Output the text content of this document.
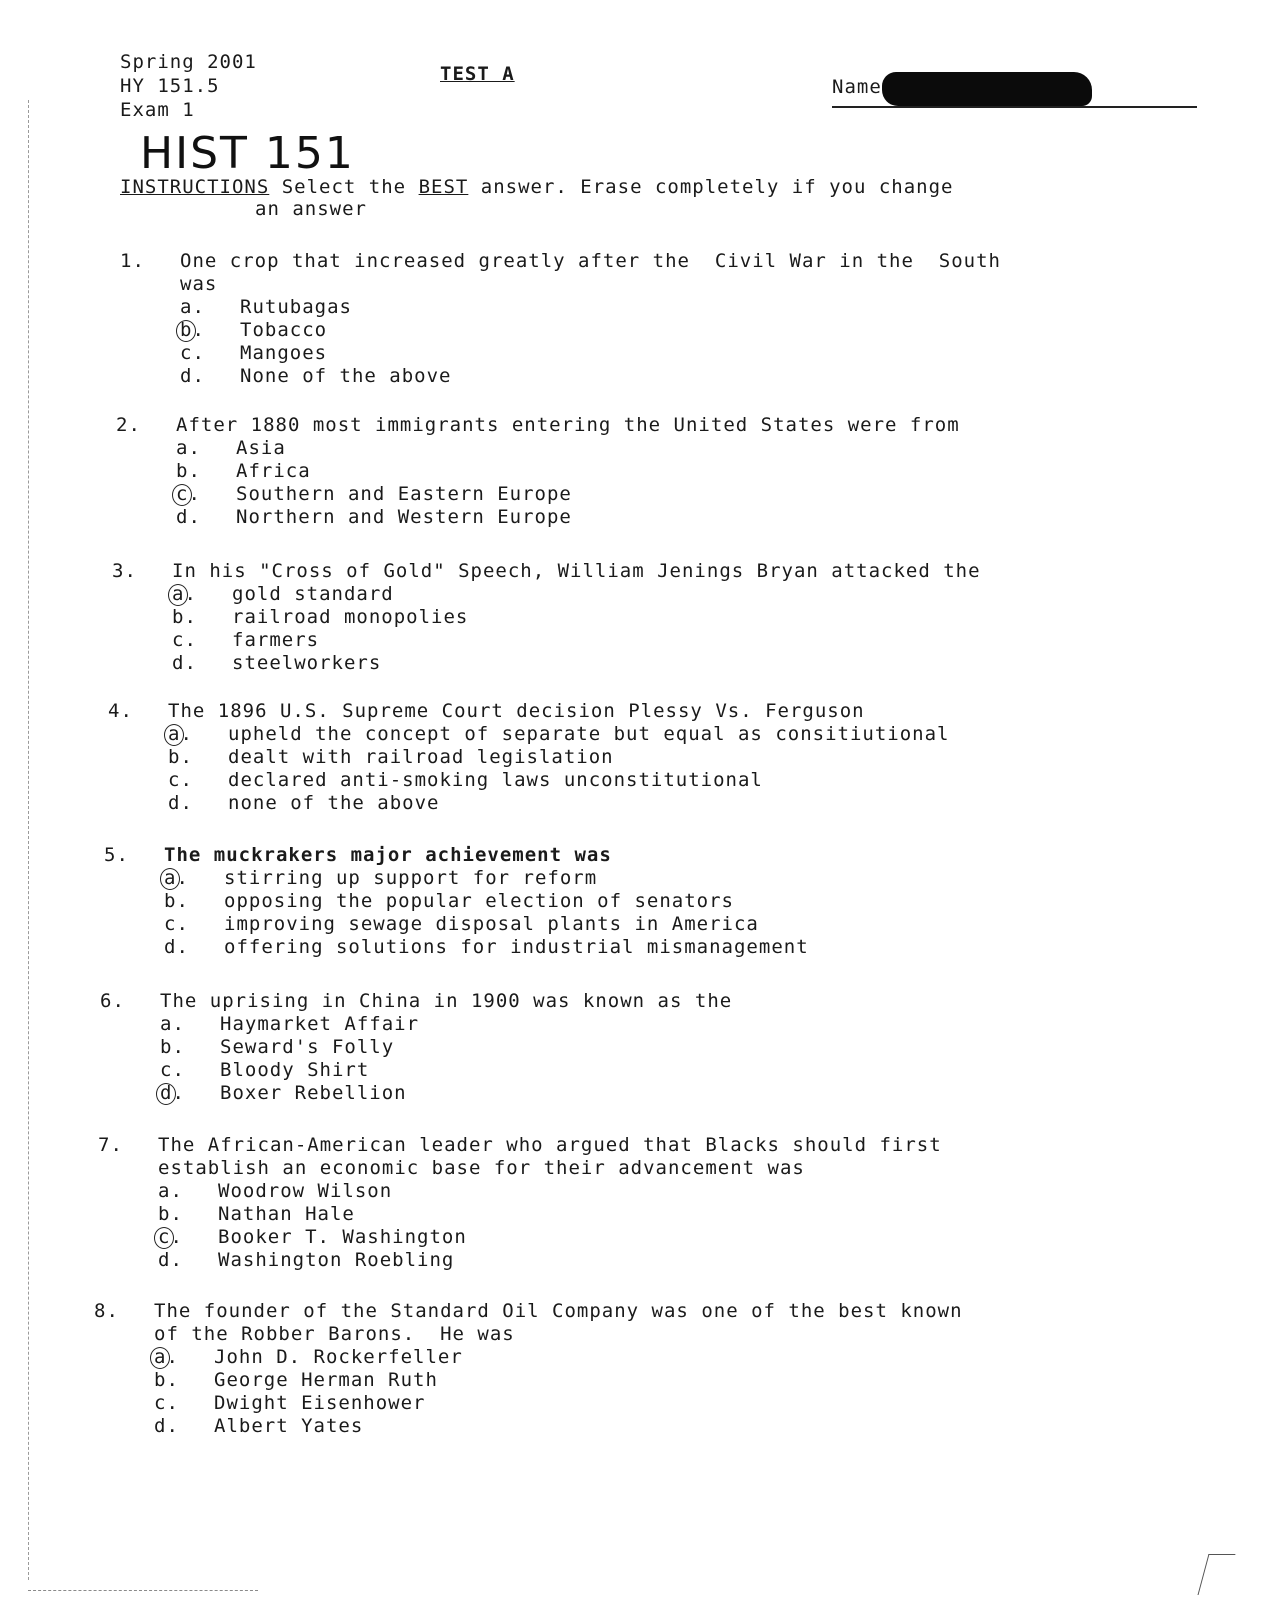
Spring 2001
HY 151.5
Exam 1
TEST A
Name
HIST 151
INSTRUCTIONS Select the BEST answer. Erase completely if you change
an answer
1.	One crop that increased greatly after the  Civil War in the  South
was
a.	Rutubagas
b.	Tobacco
c.	Mangoes
d.	None of the above
2.	After 1880 most immigrants entering the United States were from
a.	Asia
b.	Africa
c.	Southern and Eastern Europe
d.	Northern and Western Europe
3.	In his "Cross of Gold" Speech, William Jenings Bryan attacked the
a.	gold standard
b.	railroad monopolies
c.	farmers
d.	steelworkers
4.	The 1896 U.S. Supreme Court decision Plessy Vs. Ferguson
a.	upheld the concept of separate but equal as consitiutional
b.	dealt with railroad legislation
c.	declared anti-smoking laws unconstitutional
d.	none of the above
5.	The muckrakers major achievement was
a.	stirring up support for reform
b.	opposing the popular election of senators
c.	improving sewage disposal plants in America
d.	offering solutions for industrial mismanagement
6.	The uprising in China in 1900 was known as the
a.	Haymarket Affair
b.	Seward's Folly
c.	Bloody Shirt
d.	Boxer Rebellion
7.	The African-American leader who argued that Blacks should first
establish an economic base for their advancement was
a.	Woodrow Wilson
b.	Nathan Hale
c.	Booker T. Washington
d.	Washington Roebling
8.	The founder of the Standard Oil Company was one of the best known
of the Robber Barons.  He was
a.	John D. Rockerfeller
b.	George Herman Ruth
c.	Dwight Eisenhower
d.	Albert Yates
